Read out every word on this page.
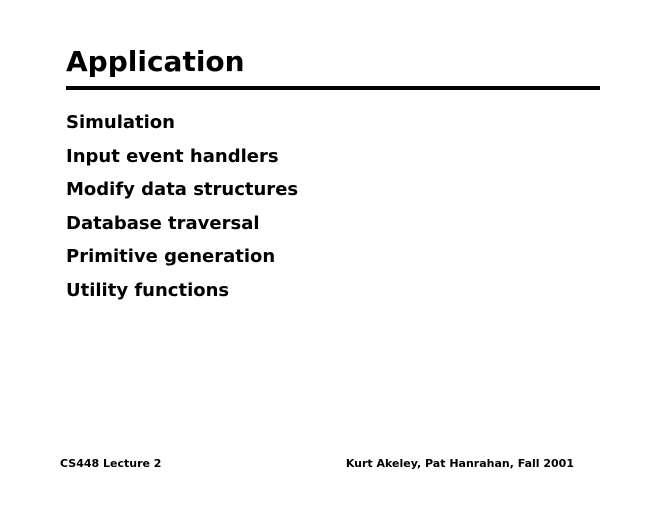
Application
Simulation
Input event handlers
Modify data structures
Database traversal
Primitive generation
Utility functions
CS448 Lecture 2	Kurt Akeley, Pat Hanrahan, Fall 2001
